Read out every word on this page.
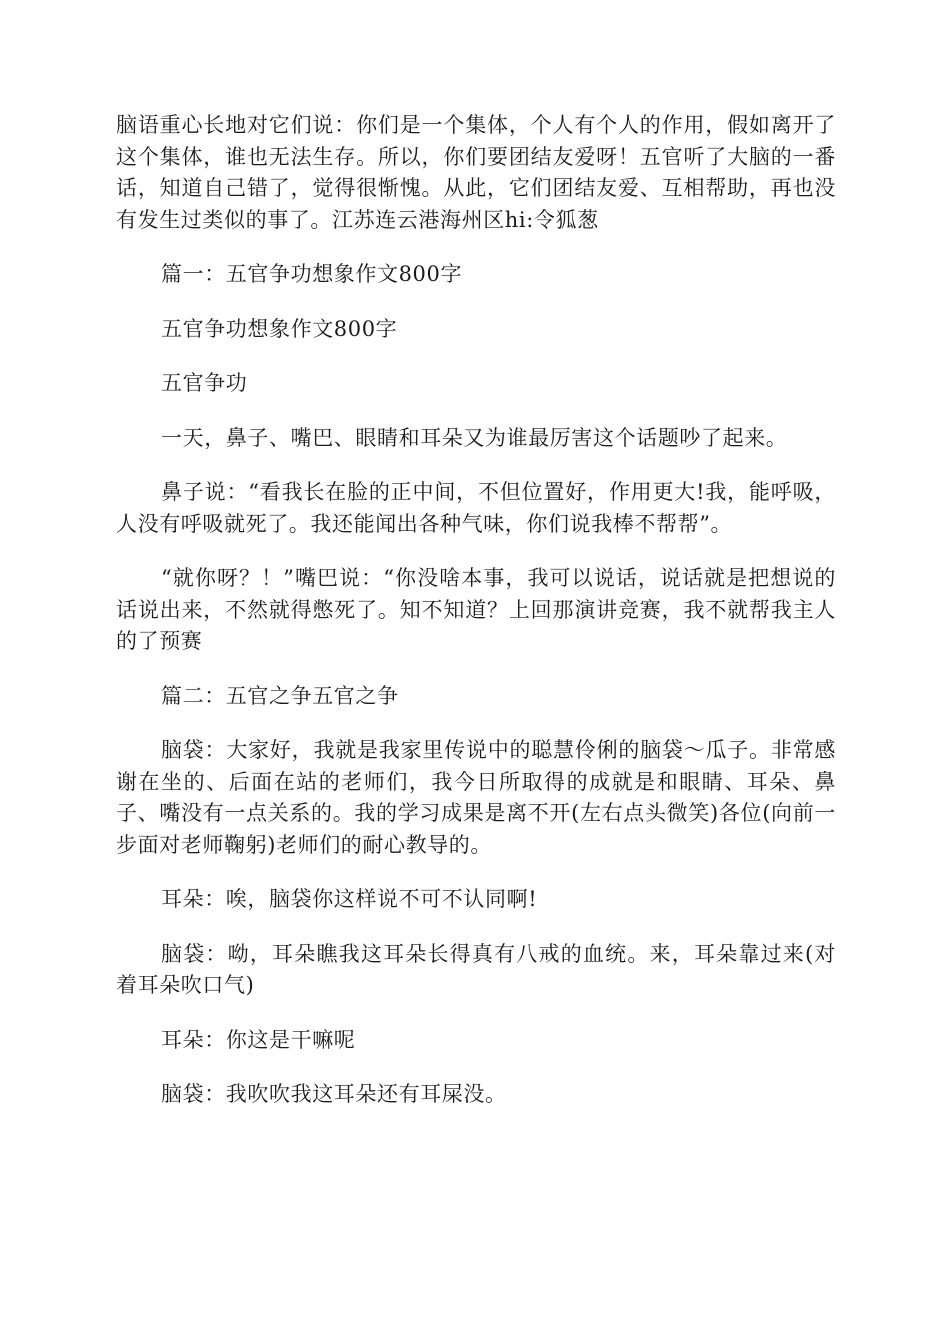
脑语重心长地对它们说：你们是一个集体，个人有个人的作用，假如离开了这个集体，谁也无法生存。所以，你们要团结友爱呀！五官听了大脑的一番话，知道自己错了，觉得很惭愧。从此，它们团结友爱、互相帮助，再也没有发生过类似的事了。江苏连云港海州区hi:令狐葱

篇一：五官争功想象作文800字

五官争功想象作文800字

五官争功

一天，鼻子、嘴巴、眼睛和耳朵又为谁最厉害这个话题吵了起来。

鼻子说：“看我长在脸的正中间，不但位置好，作用更大!我，能呼吸，人没有呼吸就死了。我还能闻出各种气味，你们说我棒不帮帮”。

“就你呀？！”嘴巴说：“你没啥本事，我可以说话，说话就是把想说的话说出来，不然就得憋死了。知不知道？上回那演讲竞赛，我不就帮我主人的了预赛

篇二：五官之争五官之争

脑袋：大家好，我就是我家里传说中的聪慧伶俐的脑袋～瓜子。非常感谢在坐的、后面在站的老师们，我今日所取得的成就是和眼睛、耳朵、鼻子、嘴没有一点关系的。我的学习成果是离不开(左右点头微笑)各位(向前一步面对老师鞠躬)老师们的耐心教导的。

耳朵：唉，脑袋你这样说不可不认同啊!

脑袋：呦，耳朵瞧我这耳朵长得真有八戒的血统。来，耳朵靠过来(对着耳朵吹口气)

耳朵：你这是干嘛呢

脑袋：我吹吹我这耳朵还有耳屎没。
